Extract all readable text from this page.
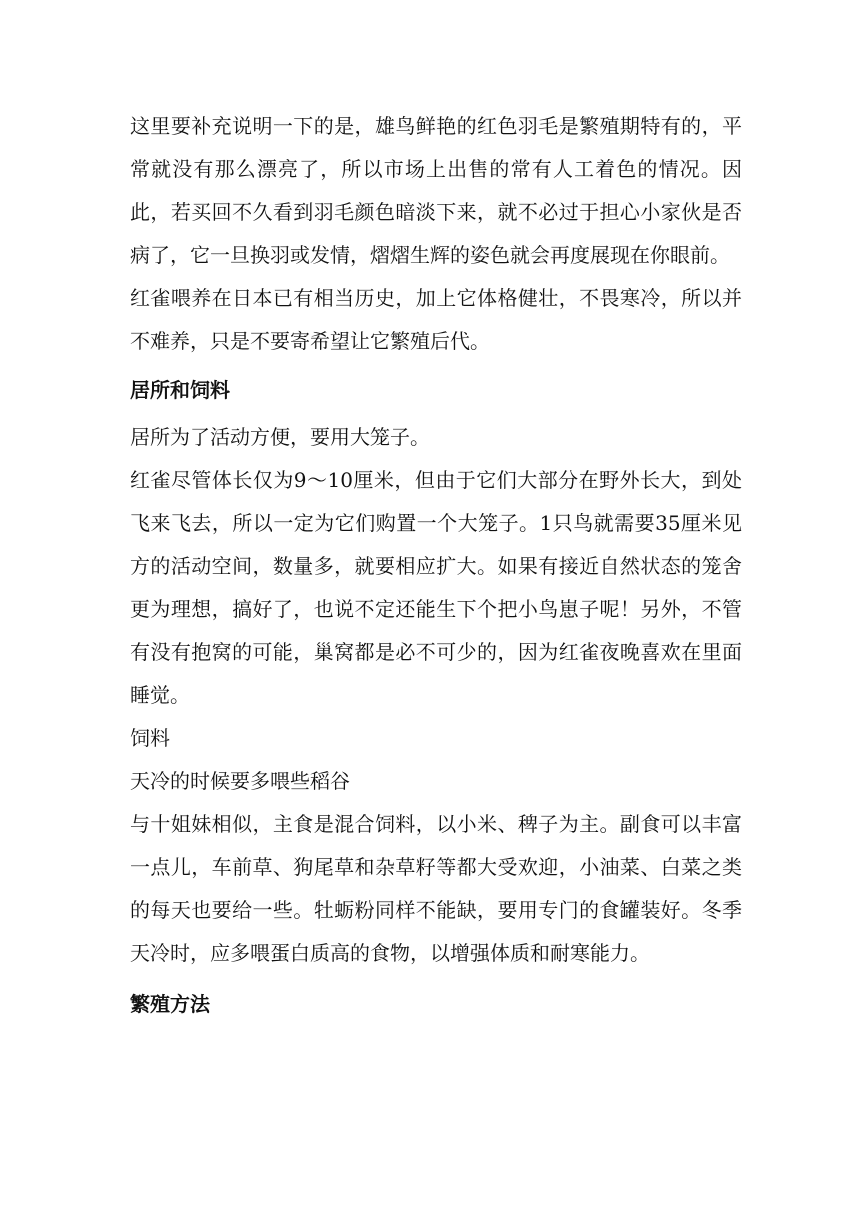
这里要补充说明一下的是，雄鸟鲜艳的红色羽毛是繁殖期特有的，平常就没有那么漂亮了，所以市场上出售的常有人工着色的情况。因此，若买回不久看到羽毛颜色暗淡下来，就不必过于担心小家伙是否病了，它一旦换羽或发情，熠熠生辉的姿色就会再度展现在你眼前。

红雀喂养在日本已有相当历史，加上它体格健壮，不畏寒冷，所以并不难养，只是不要寄希望让它繁殖后代。

居所和饲料

居所为了活动方便，要用大笼子。

红雀尽管体长仅为9～10厘米，但由于它们大部分在野外长大，到处飞来飞去，所以一定为它们购置一个大笼子。1只鸟就需要35厘米见方的活动空间，数量多，就要相应扩大。如果有接近自然状态的笼舍更为理想，搞好了，也说不定还能生下个把小鸟崽子呢！另外，不管有没有抱窝的可能，巢窝都是必不可少的，因为红雀夜晚喜欢在里面睡觉。

饲料

天冷的时候要多喂些稻谷

与十姐妹相似，主食是混合饲料，以小米、稗子为主。副食可以丰富一点儿，车前草、狗尾草和杂草籽等都大受欢迎，小油菜、白菜之类的每天也要给一些。牡蛎粉同样不能缺，要用专门的食罐装好。冬季天冷时，应多喂蛋白质高的食物，以增强体质和耐寒能力。

繁殖方法
